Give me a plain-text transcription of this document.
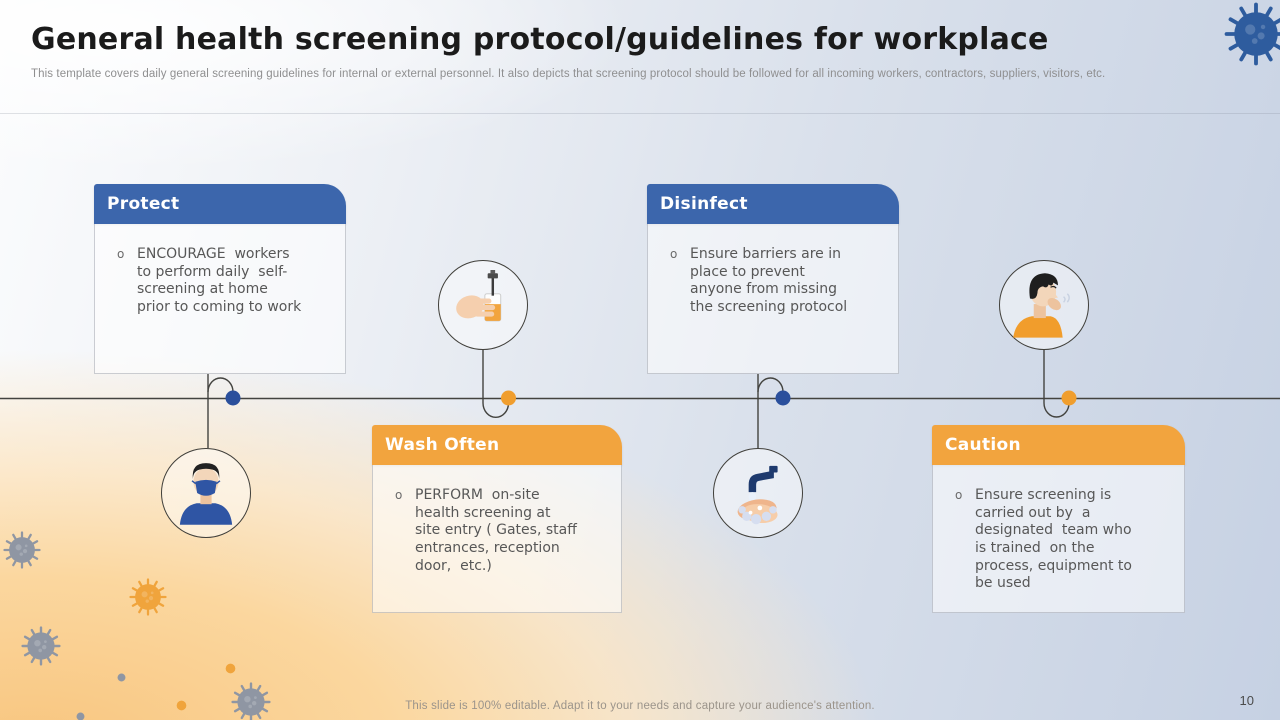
General health screening protocol/guidelines for workplace
This template covers daily general screening guidelines for internal or external personnel. It also depicts that screening protocol should be followed for all incoming workers, contractors, suppliers, visitors, etc.
Protect
o ENCOURAGE  workers to perform daily  self-screening at home prior to coming to work
Wash Often
o PERFORM  on-site health screening at site entry ( Gates, staff entrances, reception door,  etc.)
Disinfect
o Ensure barriers are in place to prevent  anyone from missing the screening protocol
Caution
o Ensure screening is carried out by  a designated  team who is trained  on the process, equipment to  be used
This slide is 100% editable. Adapt it to your needs and capture your audience's attention.	10
